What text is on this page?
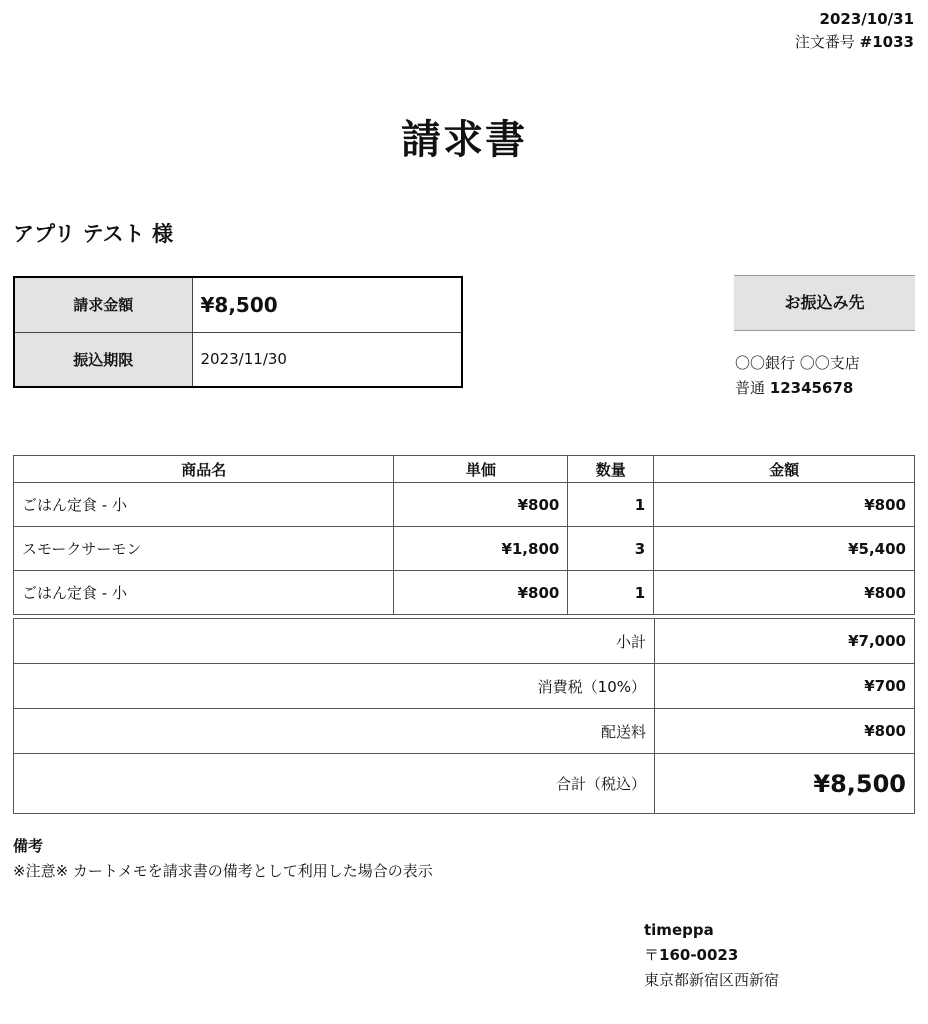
2023/10/31
注文番号 #1033
請求書
アプリ テスト 様
請求金額	¥8,500
振込期限	2023/11/30
お振込み先
〇〇銀行 〇〇支店
普通 12345678
商品名	単価	数量	金額
ごはん定食 - 小	¥800	1	¥800
スモークサーモン	¥1,800	3	¥5,400
ごはん定食 - 小	¥800	1	¥800
小計	¥7,000
消費税（10%）	¥700
配送料	¥800
合計（税込）	¥8,500
備考
※注意※ カートメモを請求書の備考として利用した場合の表示
timeppa
〒160-0023
東京都新宿区西新宿
